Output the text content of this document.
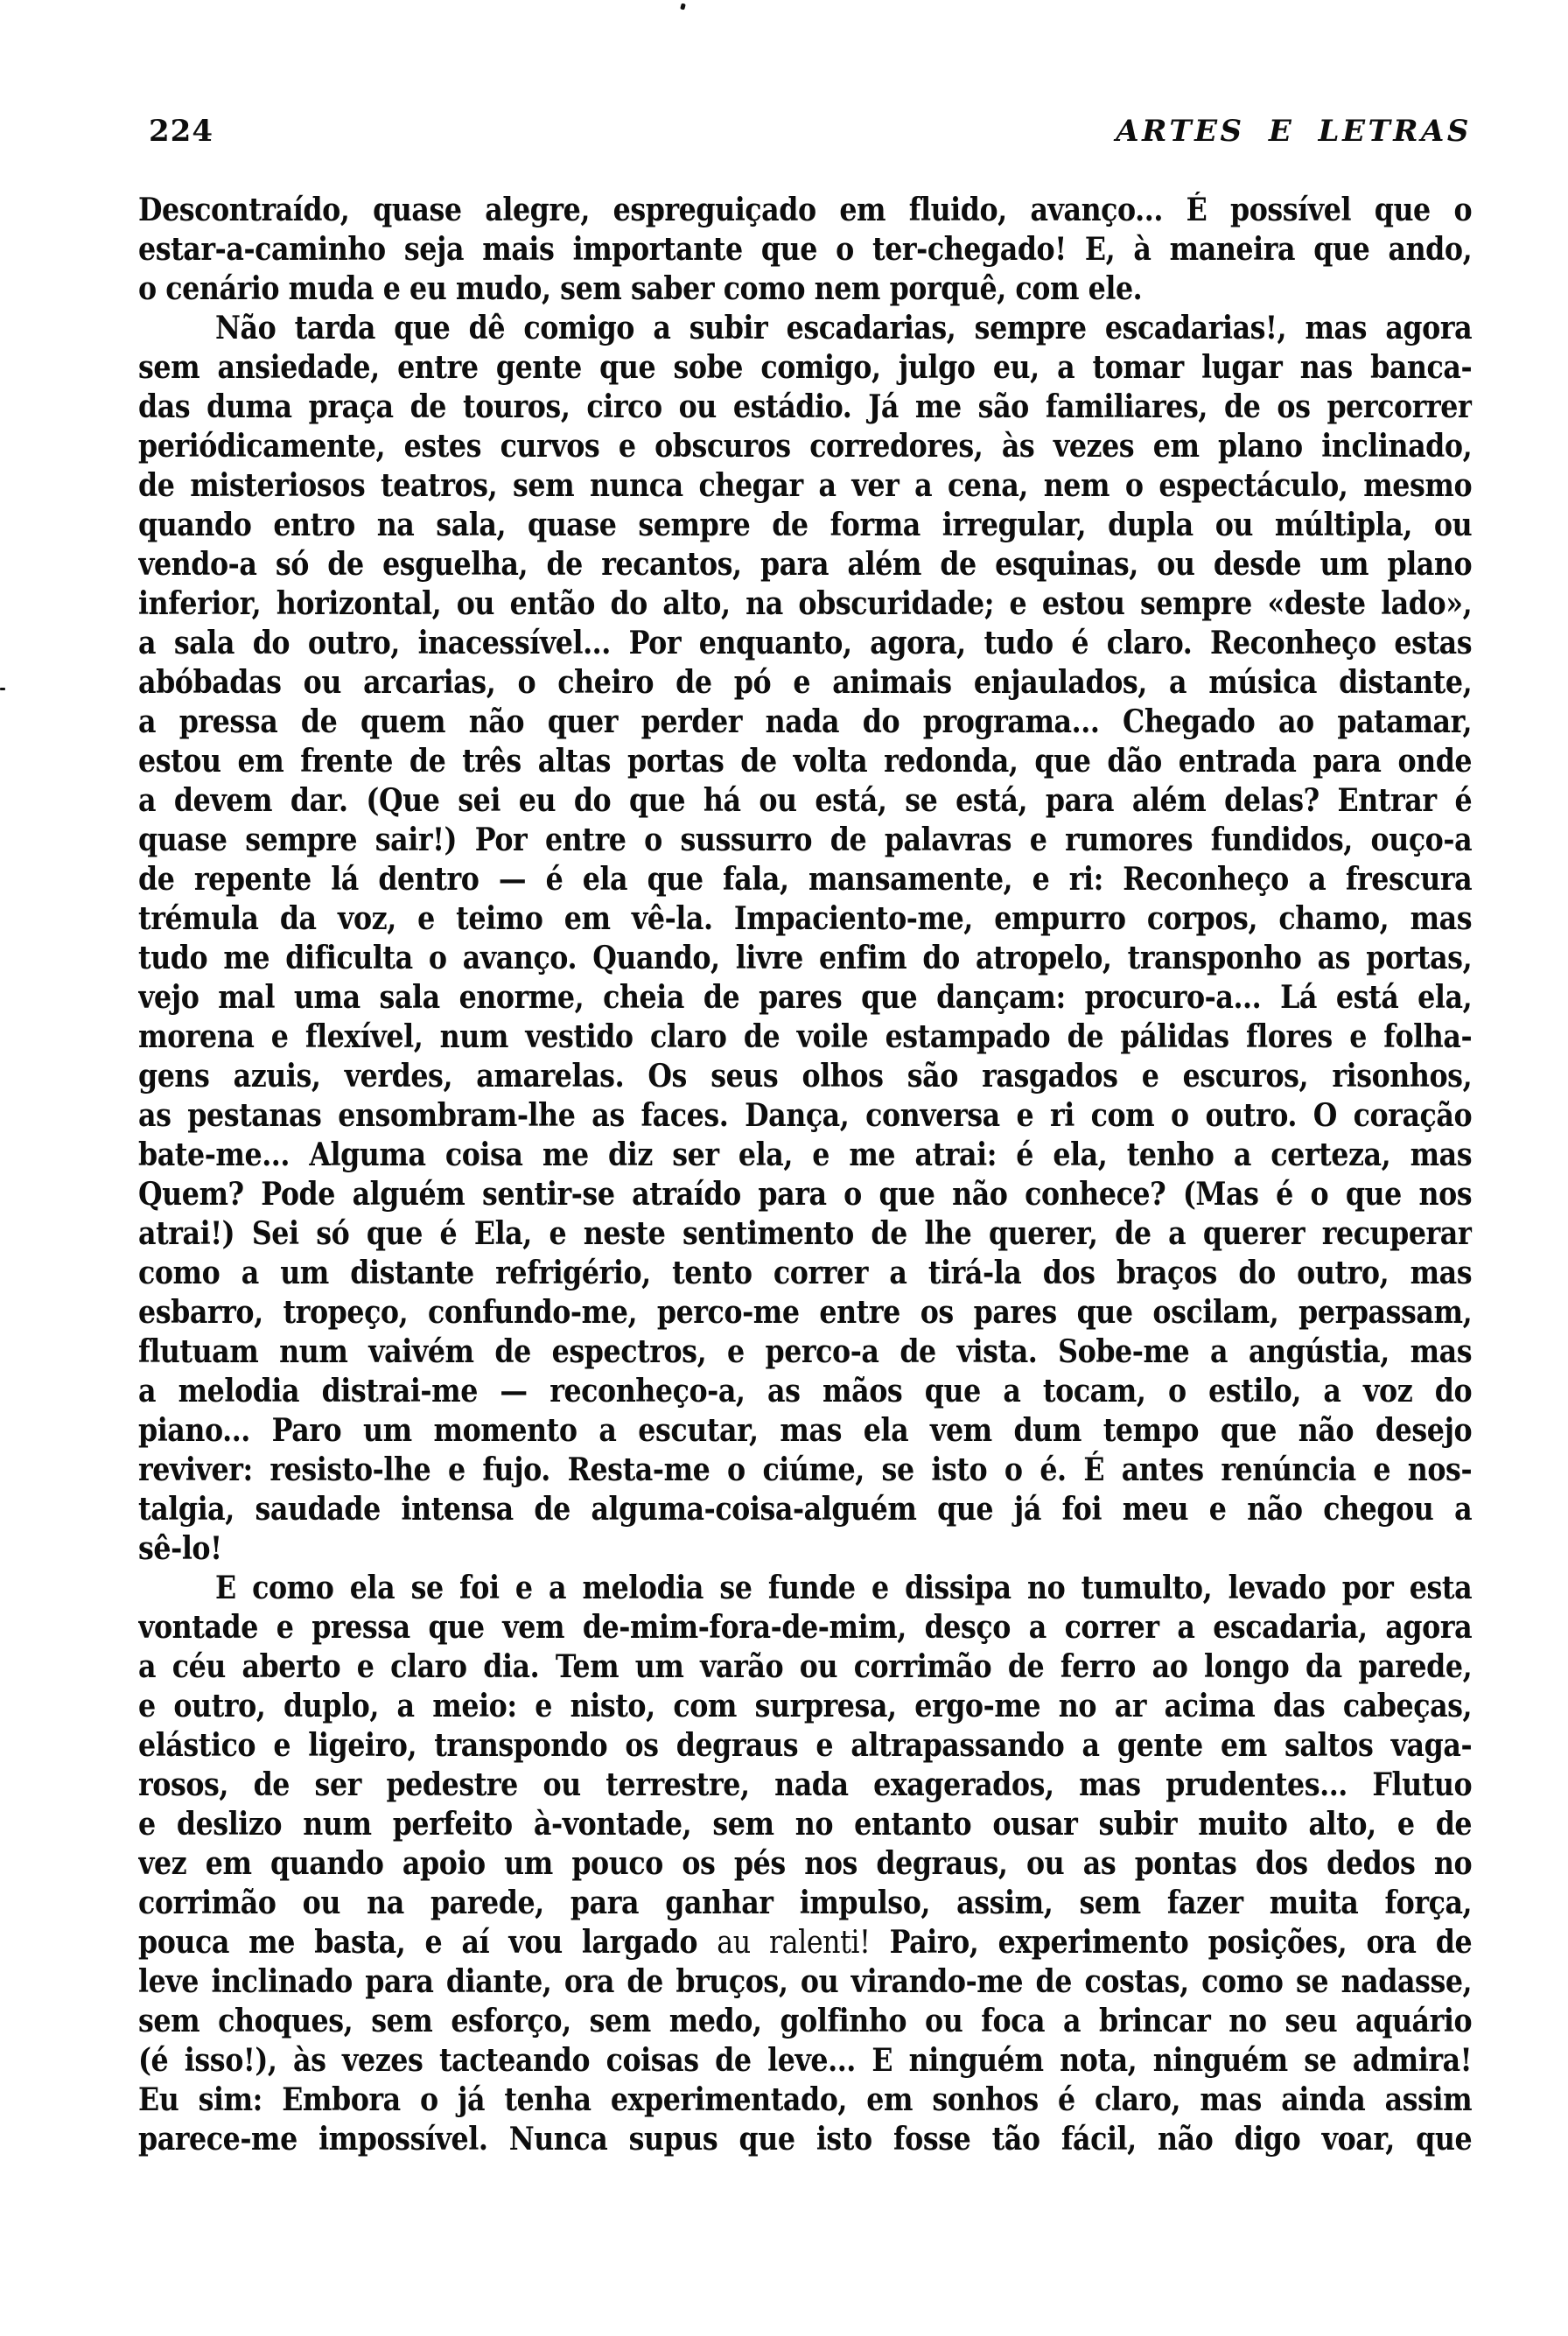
224	ARTES E LETRAS
Descontraído, quase alegre, espreguiçado em fluido, avanço... É possível que o
estar-a-caminho seja mais importante que o ter-chegado! E, à maneira que ando,
o cenário muda e eu mudo, sem saber como nem porquê, com ele.
Não tarda que dê comigo a subir escadarias, sempre escadarias!, mas agora
sem ansiedade, entre gente que sobe comigo, julgo eu, a tomar lugar nas banca-
das duma praça de touros, circo ou estádio. Já me são familiares, de os percorrer
periódicamente, estes curvos e obscuros corredores, às vezes em plano inclinado,
de misteriosos teatros, sem nunca chegar a ver a cena, nem o espectáculo, mesmo
quando entro na sala, quase sempre de forma irregular, dupla ou múltipla, ou
vendo-a só de esguelha, de recantos, para além de esquinas, ou desde um plano
inferior, horizontal, ou então do alto, na obscuridade; e estou sempre «deste lado»,
a sala do outro, inacessível... Por enquanto, agora, tudo é claro. Reconheço estas
abóbadas ou arcarias, o cheiro de pó e animais enjaulados, a música distante,
a pressa de quem não quer perder nada do programa... Chegado ao patamar,
estou em frente de três altas portas de volta redonda, que dão entrada para onde
a devem dar. (Que sei eu do que há ou está, se está, para além delas? Entrar é
quase sempre sair!) Por entre o sussurro de palavras e rumores fundidos, ouço-a
de repente lá dentro — é ela que fala, mansamente, e ri: Reconheço a frescura
trémula da voz, e teimo em vê-la. Impaciento-me, empurro corpos, chamo, mas
tudo me dificulta o avanço. Quando, livre enfim do atropelo, transponho as portas,
vejo mal uma sala enorme, cheia de pares que dançam: procuro-a... Lá está ela,
morena e flexível, num vestido claro de voile estampado de pálidas flores e folha-
gens azuis, verdes, amarelas. Os seus olhos são rasgados e escuros, risonhos,
as pestanas ensombram-lhe as faces. Dança, conversa e ri com o outro. O coração
bate-me... Alguma coisa me diz ser ela, e me atrai: é ela, tenho a certeza, mas
Quem? Pode alguém sentir-se atraído para o que não conhece? (Mas é o que nos
atrai!) Sei só que é Ela, e neste sentimento de lhe querer, de a querer recuperar
como a um distante refrigério, tento correr a tirá-la dos braços do outro, mas
esbarro, tropeço, confundo-me, perco-me entre os pares que oscilam, perpassam,
flutuam num vaivém de espectros, e perco-a de vista. Sobe-me a angústia, mas
a melodia distrai-me — reconheço-a, as mãos que a tocam, o estilo, a voz do
piano... Paro um momento a escutar, mas ela vem dum tempo que não desejo
reviver: resisto-lhe e fujo. Resta-me o ciúme, se isto o é. É antes renúncia e nos-
talgia, saudade intensa de alguma-coisa-alguém que já foi meu e não chegou a
sê-lo!
E como ela se foi e a melodia se funde e dissipa no tumulto, levado por esta
vontade e pressa que vem de-mim-fora-de-mim, desço a correr a escadaria, agora
a céu aberto e claro dia. Tem um varão ou corrimão de ferro ao longo da parede,
e outro, duplo, a meio: e nisto, com surpresa, ergo-me no ar acima das cabeças,
elástico e ligeiro, transpondo os degraus e altrapassando a gente em saltos vaga-
rosos, de ser pedestre ou terrestre, nada exagerados, mas prudentes... Flutuo
e deslizo num perfeito à-vontade, sem no entanto ousar subir muito alto, e de
vez em quando apoio um pouco os pés nos degraus, ou as pontas dos dedos no
corrimão ou na parede, para ganhar impulso, assim, sem fazer muita força,
pouca me basta, e aí vou largado au ralenti! Pairo, experimento posições, ora de
leve inclinado para diante, ora de bruços, ou virando-me de costas, como se nadasse,
sem choques, sem esforço, sem medo, golfinho ou foca a brincar no seu aquário
(é isso!), às vezes tacteando coisas de leve... E ninguém nota, ninguém se admira!
Eu sim: Embora o já tenha experimentado, em sonhos é claro, mas ainda assim
parece-me impossível. Nunca supus que isto fosse tão fácil, não digo voar, que
